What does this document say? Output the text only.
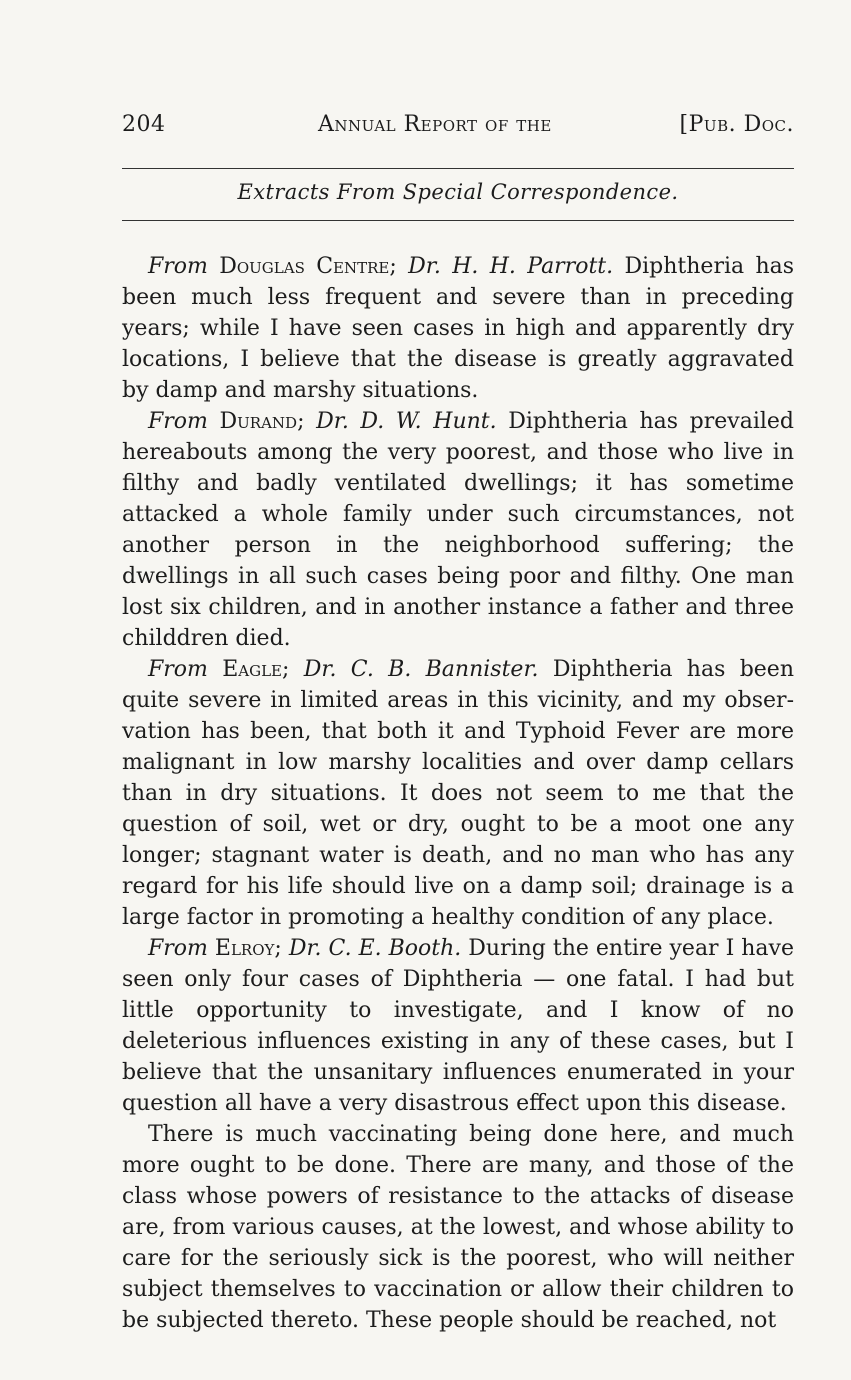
204	Annual Report of the	[Pub. Doc.
Extracts From Special Correspondence.

From Douglas Centre; Dr. H. H. Parrott. Diphtheria has been much less frequent and severe than in preceding years; while I have seen cases in high and apparently dry locations, I believe that the disease is greatly aggravated by damp and marshy situations.

From Durand; Dr. D. W. Hunt. Diphtheria has prevailed hereabouts among the very poorest, and those who live in filthy and badly ventilated dwellings; it has sometime attacked a whole family under such circumstances, not another person in the neighborhood suffering; the dwellings in all such cases being poor and filthy. One man lost six children, and in another instance a father and three childdren died.

From Eagle; Dr. C. B. Bannister. Diphtheria has been quite severe in limited areas in this vicinity, and my observation has been, that both it and Typhoid Fever are more malignant in low marshy localities and over damp cellars than in dry situations. It does not seem to me that the question of soil, wet or dry, ought to be a moot one any longer; stagnant water is death, and no man who has any regard for his life should live on a damp soil; drainage is a large factor in promoting a healthy condition of any place.

From Elroy; Dr. C. E. Booth. During the entire year I have seen only four cases of Diphtheria — one fatal. I had but little opportunity to investigate, and I know of no deleterious influences existing in any of these cases, but I believe that the unsanitary influences enumerated in your question all have a very disastrous effect upon this disease.

There is much vaccinating being done here, and much more ought to be done. There are many, and those of the class whose powers of resistance to the attacks of disease are, from various causes, at the lowest, and whose ability to care for the seriously sick is the poorest, who will neither subject themselves to vaccination or allow their children to be subjected thereto. These people should be reached, not
